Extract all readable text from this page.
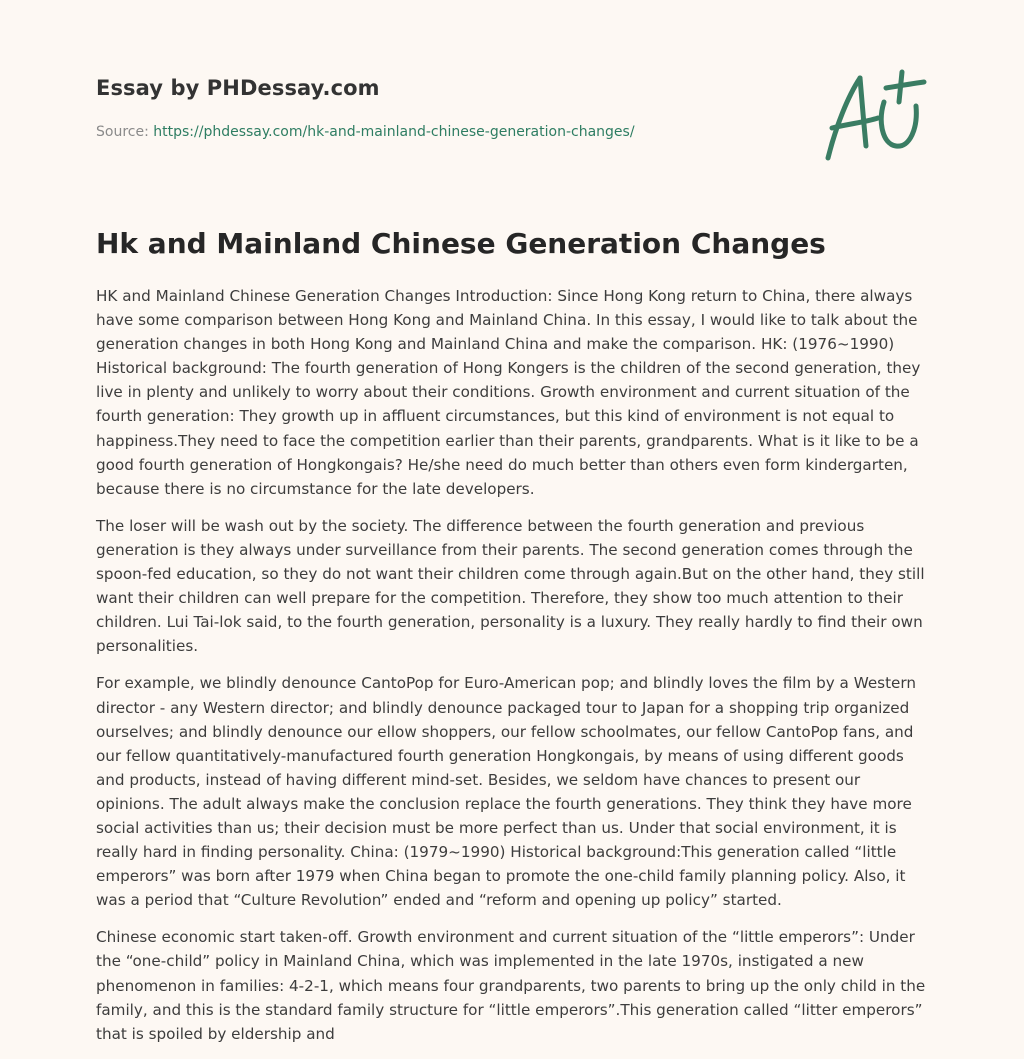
Essay by PHDessay.com
Source: https://phdessay.com/hk-and-mainland-chinese-generation-changes/
Hk and Mainland Chinese Generation Changes

HK and Mainland Chinese Generation Changes Introduction: Since Hong Kong return to China, there always have some comparison between Hong Kong and Mainland China. In this essay, I would like to talk about the generation changes in both Hong Kong and Mainland China and make the comparison. HK: (1976~1990) Historical background: The fourth generation of Hong Kongers is the children of the second generation, they live in plenty and unlikely to worry about their conditions. Growth environment and current situation of the fourth generation: They growth up in affluent circumstances, but this kind of environment is not equal to happiness.They need to face the competition earlier than their parents, grandparents. What is it like to be a good fourth generation of Hongkongais? He/she need do much better than others even form kindergarten, because there is no circumstance for the late developers.

The loser will be wash out by the society. The difference between the fourth generation and previous generation is they always under surveillance from their parents. The second generation comes through the spoon-fed education, so they do not want their children come through again.But on the other hand, they still want their children can well prepare for the competition. Therefore, they show too much attention to their children. Lui Tai-lok said, to the fourth generation, personality is a luxury. They really hardly to find their own personalities.

For example, we blindly denounce CantoPop for Euro-American pop; and blindly loves the film by a Western director - any Western director; and blindly denounce packaged tour to Japan for a shopping trip organized ourselves; and blindly denounce our ellow shoppers, our fellow schoolmates, our fellow CantoPop fans, and our fellow quantitatively-manufactured fourth generation Hongkongais, by means of using different goods and products, instead of having different mind-set. Besides, we seldom have chances to present our opinions. The adult always make the conclusion replace the fourth generations. They think they have more social activities than us; their decision must be more perfect than us. Under that social environment, it is really hard in finding personality. China: (1979~1990) Historical background:This generation called “little emperors” was born after 1979 when China began to promote the one-child family planning policy. Also, it was a period that “Culture Revolution” ended and “reform and opening up policy” started.

Chinese economic start taken-off. Growth environment and current situation of the “little emperors”: Under the “one-child” policy in Mainland China, which was implemented in the late 1970s, instigated a new phenomenon in families: 4-2-1, which means four grandparents, two parents to bring up the only child in the family, and this is the standard family structure for “little emperors”.This generation called “litter emperors” that is spoiled by eldership and
